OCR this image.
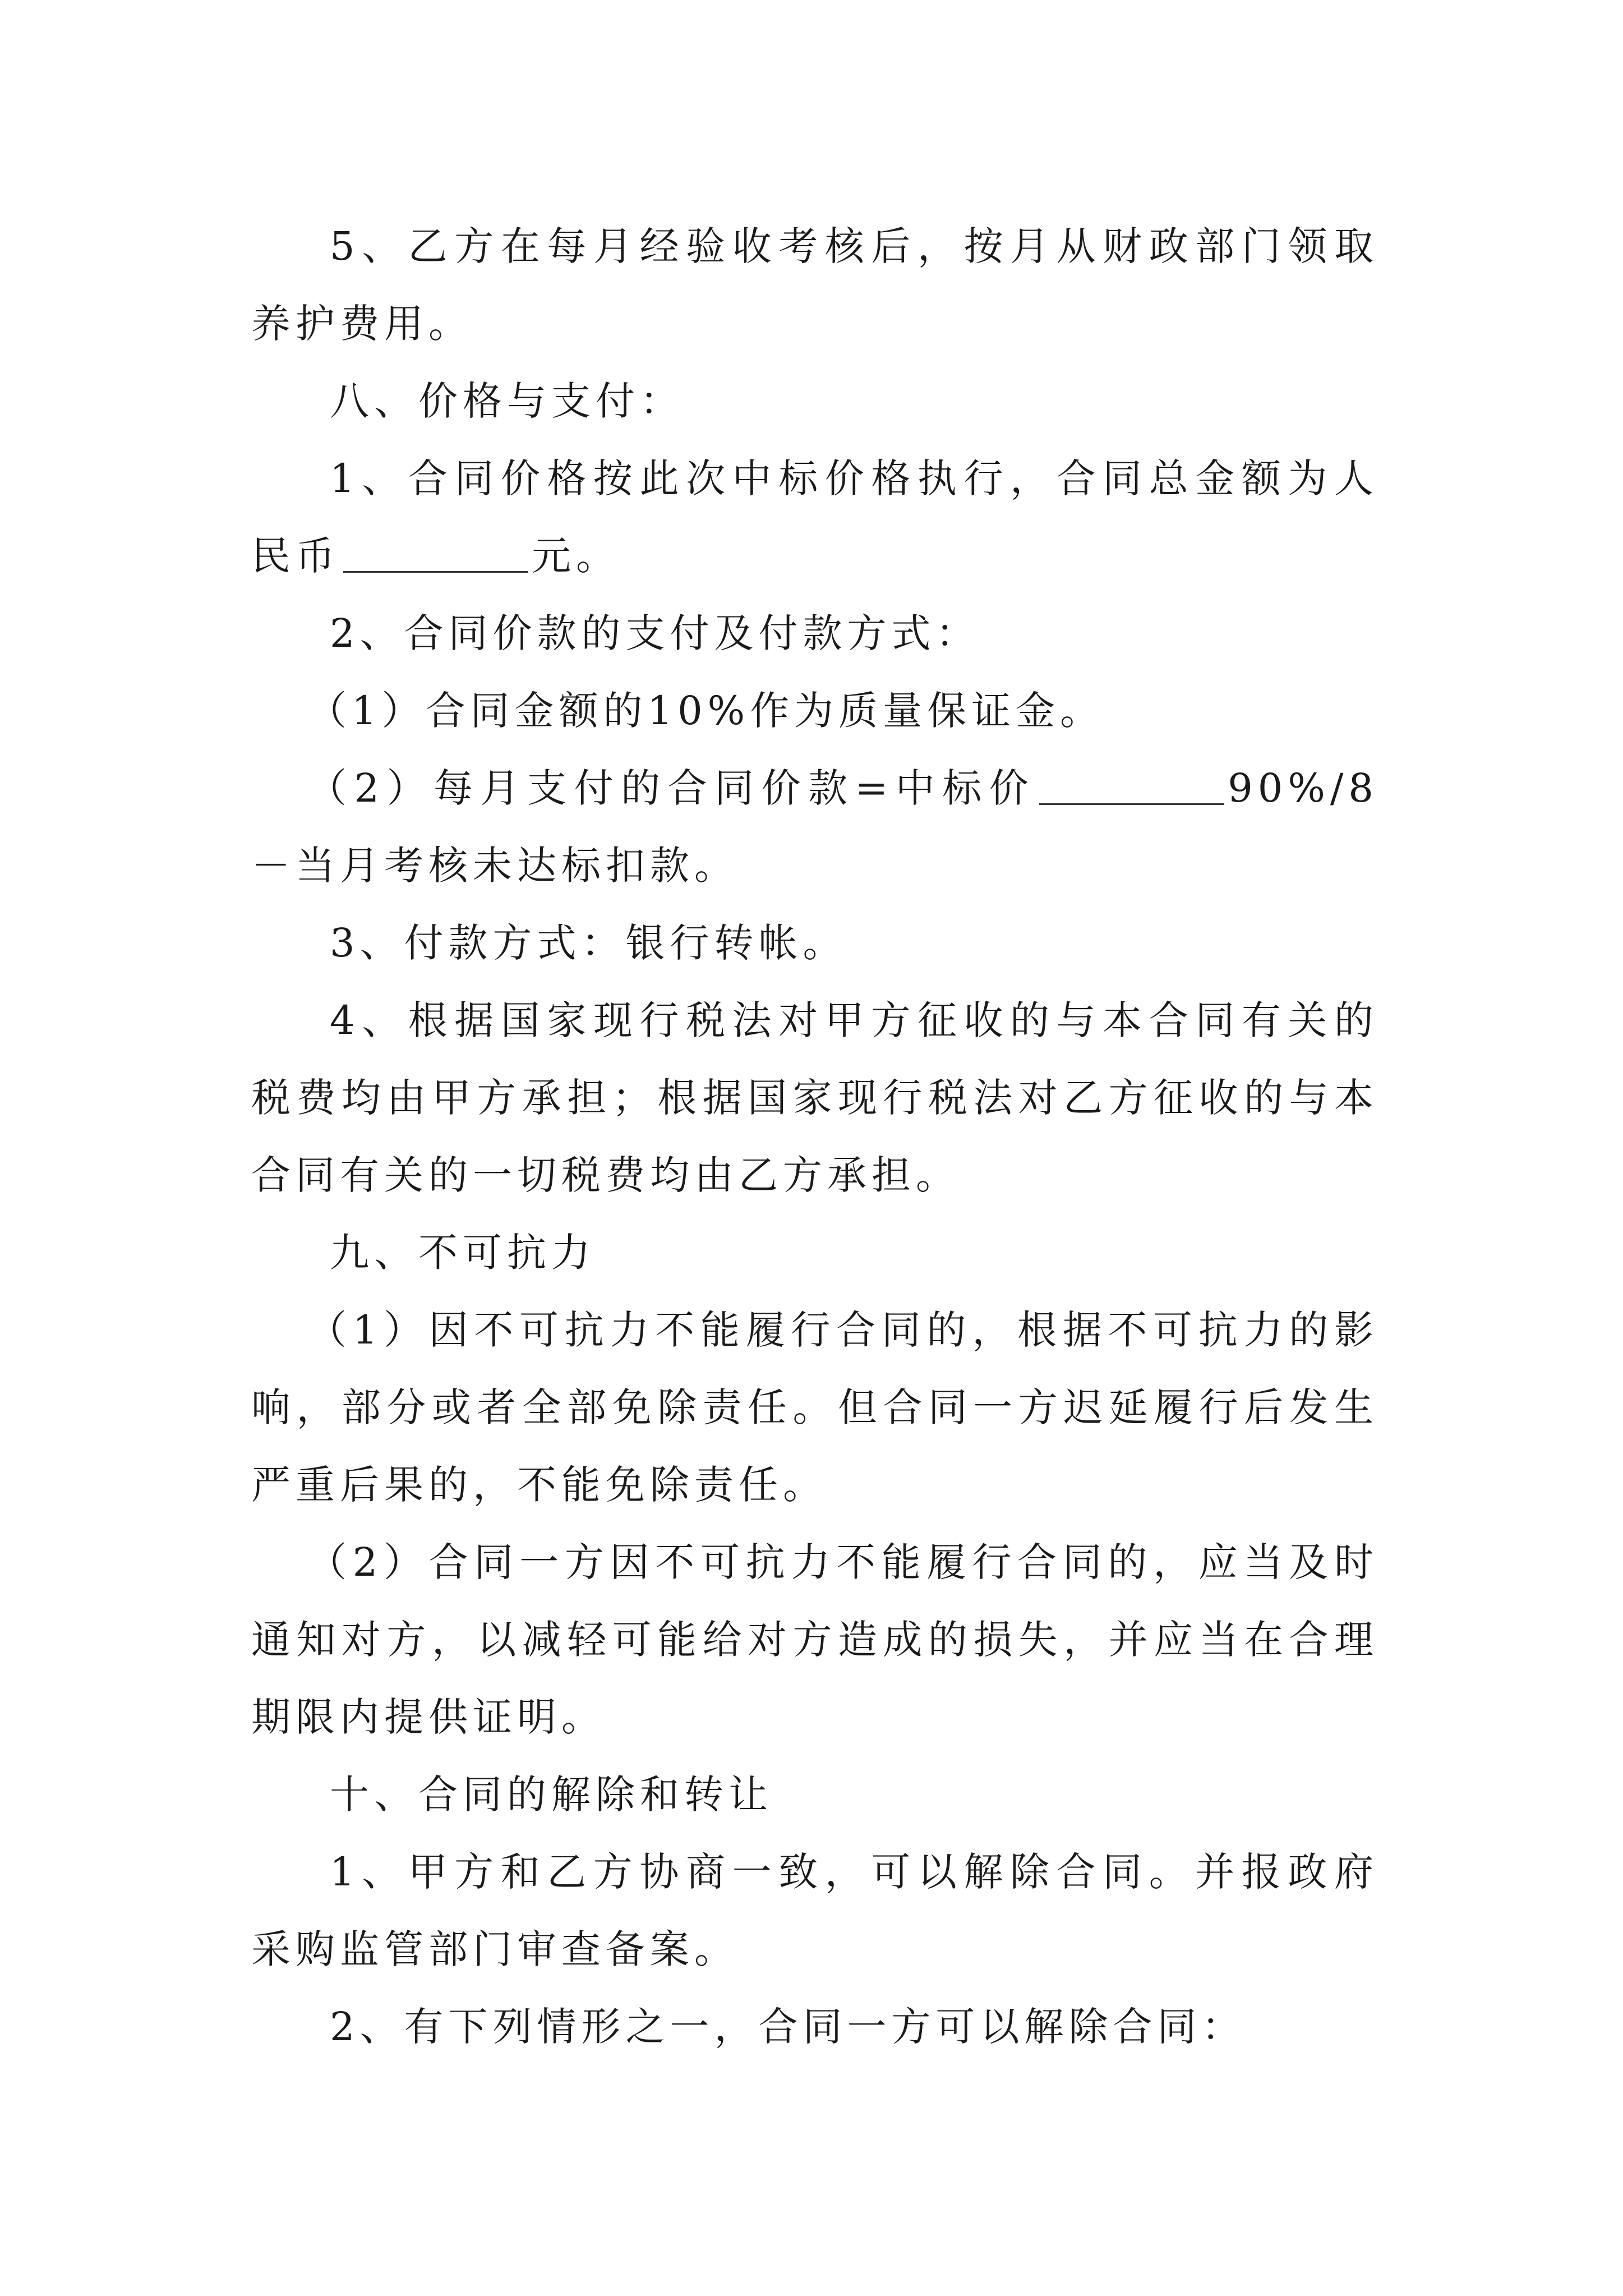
5、乙方在每月经验收考核后，按月从财政部门领取养护费用。

八、价格与支付：

1、合同价格按此次中标价格执行，合同总金额为人民币	元。

2、合同价款的支付及付款方式：

（1）合同金额的10%作为质量保证金。

（2）每月支付的合同价款=中标价	90%/8－当月考核未达标扣款。

3、付款方式：银行转帐。

4、根据国家现行税法对甲方征收的与本合同有关的税费均由甲方承担；根据国家现行税法对乙方征收的与本合同有关的一切税费均由乙方承担。

九、不可抗力

（1）因不可抗力不能履行合同的，根据不可抗力的影响，部分或者全部免除责任。但合同一方迟延履行后发生严重后果的，不能免除责任。

（2）合同一方因不可抗力不能履行合同的，应当及时通知对方，以减轻可能给对方造成的损失，并应当在合理期限内提供证明。

十、合同的解除和转让

1、甲方和乙方协商一致，可以解除合同。并报政府采购监管部门审查备案。

2、有下列情形之一，合同一方可以解除合同：
